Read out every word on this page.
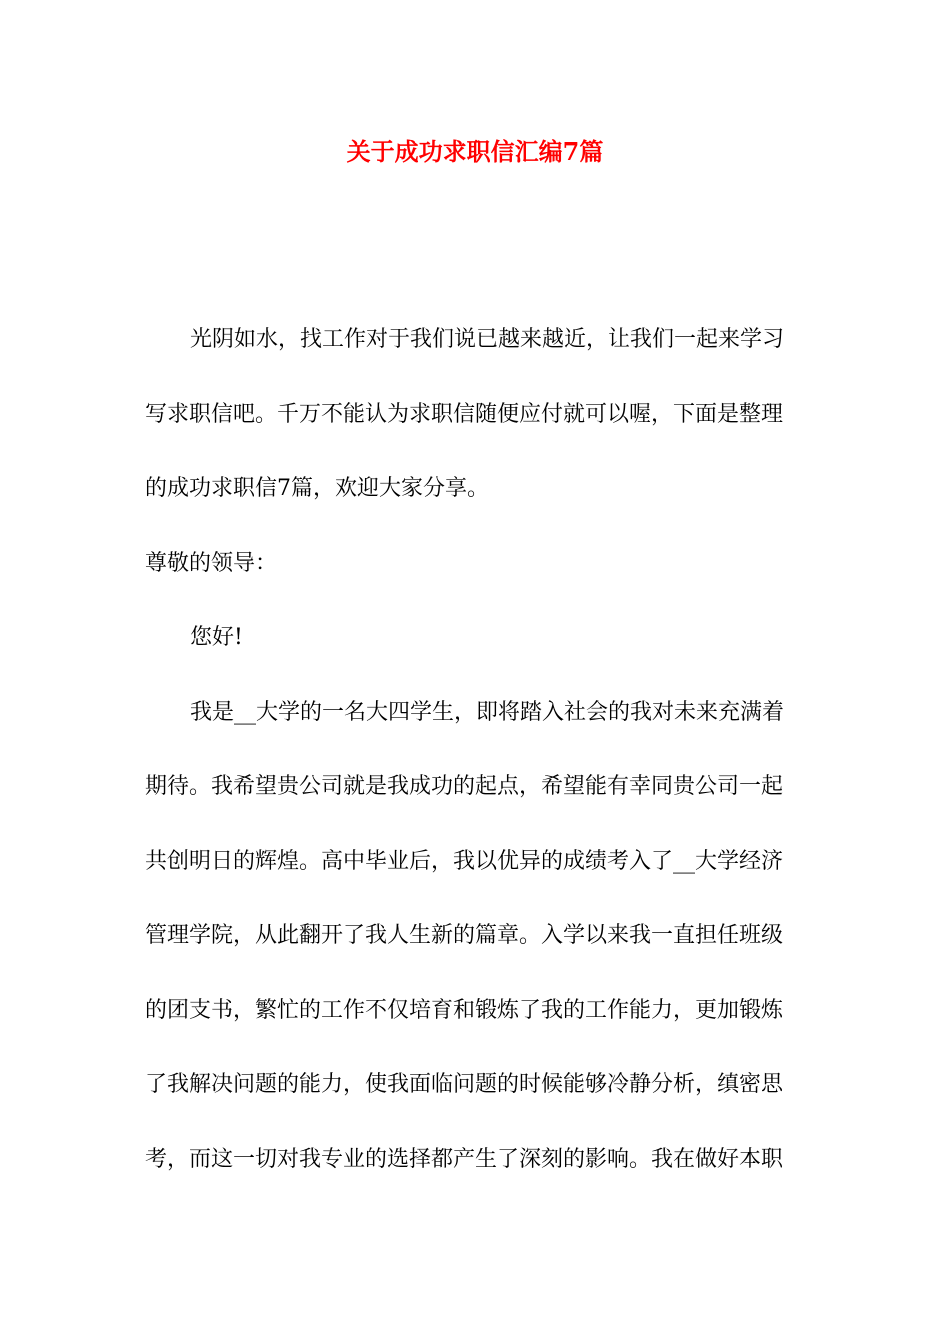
关于成功求职信汇编7篇
光阴如水，找工作对于我们说已越来越近，让我们一起来学习
写求职信吧。千万不能认为求职信随便应付就可以喔，下面是整理
的成功求职信7篇，欢迎大家分享。
尊敬的领导：
您好!
我是__大学的一名大四学生，即将踏入社会的我对未来充满着
期待。我希望贵公司就是我成功的起点，希望能有幸同贵公司一起
共创明日的辉煌。高中毕业后，我以优异的成绩考入了__大学经济
管理学院，从此翻开了我人生新的篇章。入学以来我一直担任班级
的团支书，繁忙的工作不仅培育和锻炼了我的工作能力，更加锻炼
了我解决问题的能力，使我面临问题的时候能够冷静分析，缜密思
考，而这一切对我专业的选择都产生了深刻的影响。我在做好本职
